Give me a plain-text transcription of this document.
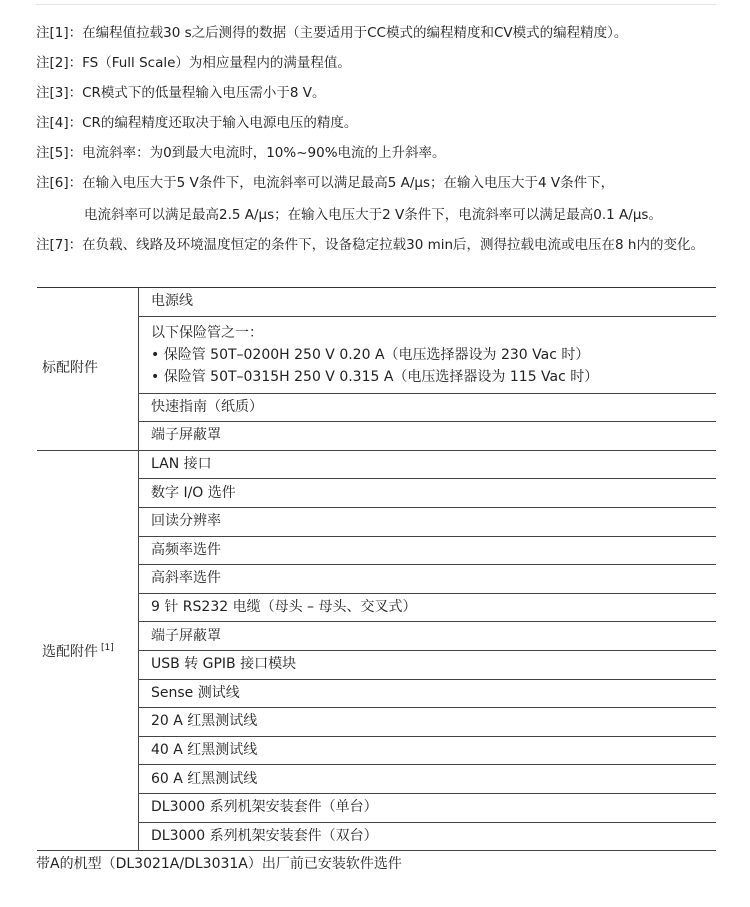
注[1]：在编程值拉载30 s之后测得的数据（主要适用于CC模式的编程精度和CV模式的编程精度）。
注[2]：FS（Full Scale）为相应量程内的满量程值。
注[3]：CR模式下的低量程输入电压需小于8 V。
注[4]：CR的编程精度还取决于输入电源电压的精度。
注[5]：电流斜率：为0到最大电流时，10%~90%电流的上升斜率。
注[6]：在输入电压大于5 V条件下，电流斜率可以满足最高5 A/μs；在输入电压大于4 V条件下，
电流斜率可以满足最高2.5 A/μs；在输入电压大于2 V条件下，电流斜率可以满足最高0.1 A/μs。
注[7]：在负载、线路及环境温度恒定的条件下，设备稳定拉载30 min后，测得拉载电流或电压在8 h内的变化。
标配附件	电源线

	以下保险管之一：
• 保险管 50T–0200H 250 V 0.20 A（电压选择器设为 230 Vac 时）
• 保险管 50T–0315H 250 V 0.315 A（电压选择器设为 115 Vac 时）

	快速指南（纸质）
	端子屏蔽罩
选配附件 [1]	LAN 接口
	数字 I/O 选件
	回读分辨率
	高频率选件
	高斜率选件
	9 针 RS232 电缆（母头 – 母头、交叉式）
	端子屏蔽罩
	USB 转 GPIB 接口模块
	Sense 测试线
	20 A 红黑测试线
	40 A 红黑测试线
	60 A 红黑测试线
	DL3000 系列机架安装套件（单台）
	DL3000 系列机架安装套件（双台）
带A的机型（DL3021A/DL3031A）出厂前已安装软件选件
